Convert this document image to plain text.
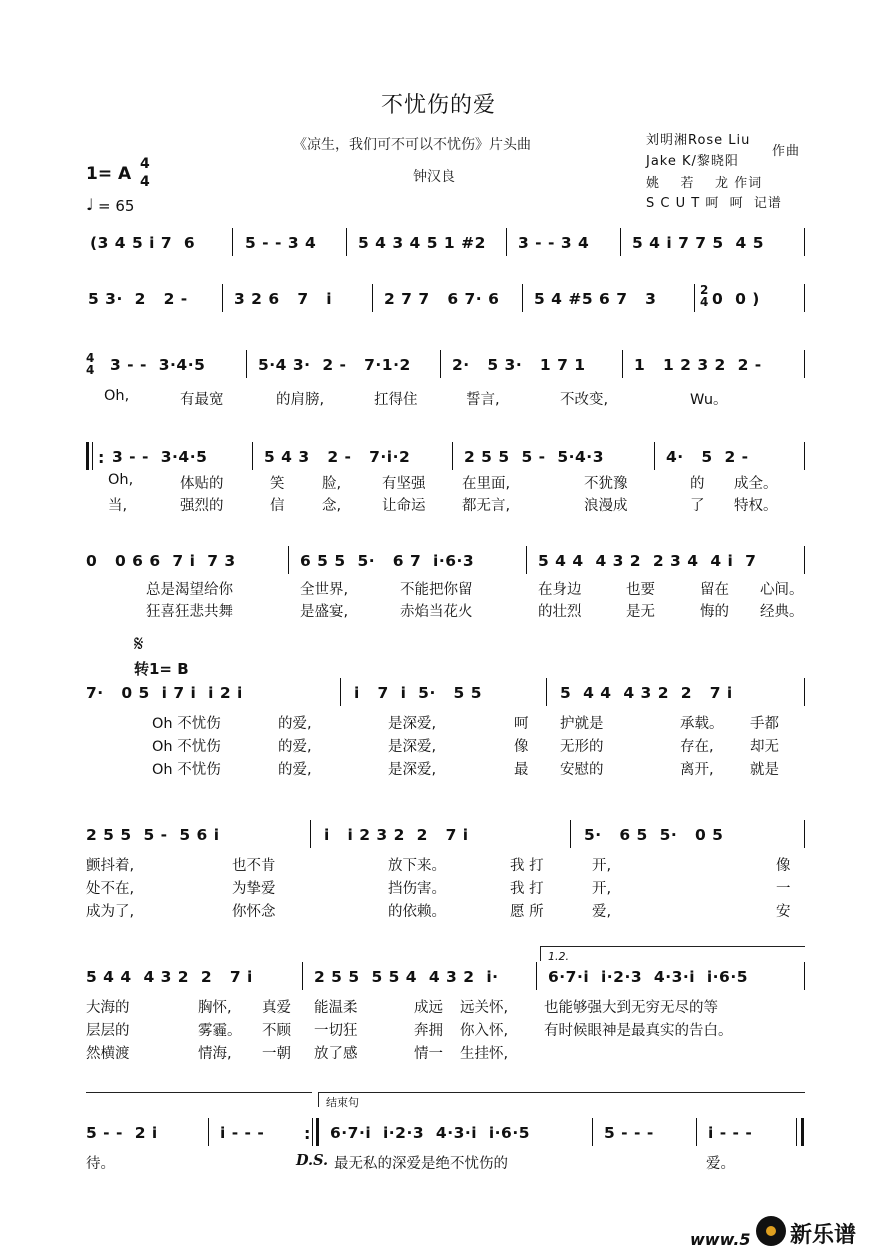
不忧伤的爱
《凉生，我们可不可以不忧伤》片头曲
钟汉良
刘明湘Rose Liu
Jake K/黎晓阳
作曲
姚    若    龙 作词
S C U T 呵  呵  记谱
1= A 4
4
♩ = 65
(3 4 5 i 7  6	5 - - 3 4	5 4 3 4 5 1 #2 3 - - 3 4	5 4 i 7 7 5  4 5
5 3·  2   2 -	3 2 6   7   i	2 7 7   6 7· 6 5 4 #5 6 7   3	0  0 )
2
4
4
4 3 - -  3·4·5	5·4 3·  2 -   7·1·2	2·   5 3·   1 7 1	1   1 2 3 2  2 -
Oh,	有最宽	的肩膀,	扛得住	誓言,	不改变,	Wu。
: 3 - -  3·4·5	5 4 3   2 -   7·i·2	2 5 5  5 -  5·4·3	4·   5  2 -
Oh,	体贴的	笑	脸,	有坚强	在里面,	不犹豫	的 成全。
当,	强烈的	信	念,	让命运	都无言,	浪漫成	了 特权。
0   0 6 6  7 i  7 3	6 5 5  5·   6 7  i·6·3	5 4 4  4 3 2  2 3 4  4 i  7
总是渴望给你	全世界,	不能把你留	在身边	也要	留在 心间。
狂喜狂悲共舞	是盛宴,	赤焰当花火	的壮烈	是无	悔的 经典。
𝄋
转1= B
7·   0 5  i 7 i  i 2 i	i   7  i  5·   5 5	5  4 4  4 3 2  2   7 i
Oh 不忧伤	的爱,	是深爱,	呵 护就是	承载。 手都
Oh 不忧伤	的爱,	是深爱,	像 无形的	存在,	却无
Oh 不忧伤	的爱,	是深爱,	最 安慰的	离开,	就是
2 5 5  5 -  5 6 i	i   i 2 3 2  2   7 i	5·   6 5  5·   0 5
颤抖着,	也不肯	放下来。	我 打	开,	像
处不在,	为挚爱	挡伤害。	我 打	开,	一
成为了,	你怀念	的依赖。	愿 所	爱,	安
1.2.
5 4 4  4 3 2  2   7 i	2 5 5  5 5 4  4 3 2  i·	6·7·i  i·2·3  4·3·i  i·6·5
大海的	胸怀, 真爱 能温柔	成远 远关怀, 也能够强大到无穷无尽的等
层层的	雾霾。 不顾 一切狂	奔拥 你入怀, 有时候眼神是最真实的告白。
然横渡	情海, 一朝 放了感	情一 生挂怀,
结束句
5 - -  2 i	i - - -	6·7·i  i·2·3  4·3·i  i·6·5	5 - - -	i - - -
:
待。	D.S. 最无私的深爱是绝不忧伤的	爱。
www.5

新乐谱
